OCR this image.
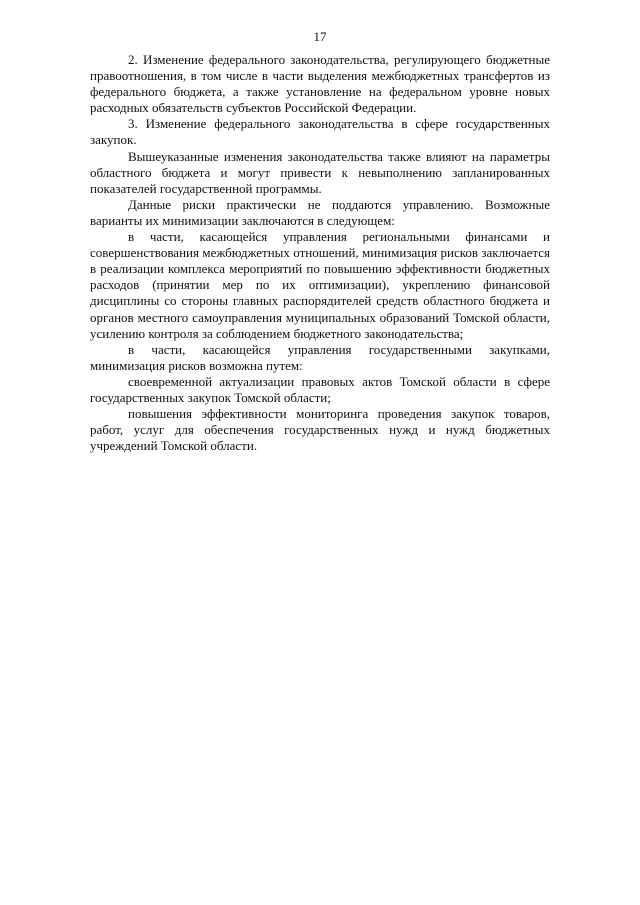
17

2. Изменение федерального законодательства, регулирующего бюджетные правоотношения, в том числе в части выделения межбюджетных трансфертов из федерального бюджета, а также установление на федеральном уровне новых расходных обязательств субъектов Российской Федерации.

3. Изменение федерального законодательства в сфере государственных закупок.

Вышеуказанные изменения законодательства также влияют на параметры областного бюджета и могут привести к невыполнению запланированных показателей государственной программы.

Данные риски практически не поддаются управлению. Возможные варианты их минимизации заключаются в следующем:

в части, касающейся управления региональными финансами и совершенствования межбюджетных отношений, минимизация рисков заключается в реализации комплекса мероприятий по повышению эффективности бюджетных расходов (принятии мер по их оптимизации), укреплению финансовой дисциплины со стороны главных распорядителей средств областного бюджета и органов местного самоуправления муниципальных образований Томской области, усилению контроля за соблюдением бюджетного законодательства;

в части, касающейся управления государственными закупками, минимизация рисков возможна путем:

своевременной актуализации правовых актов Томской области в сфере государственных закупок Томской области;

повышения эффективности мониторинга проведения закупок товаров, работ, услуг для обеспечения государственных нужд и нужд бюджетных учреждений Томской области.
